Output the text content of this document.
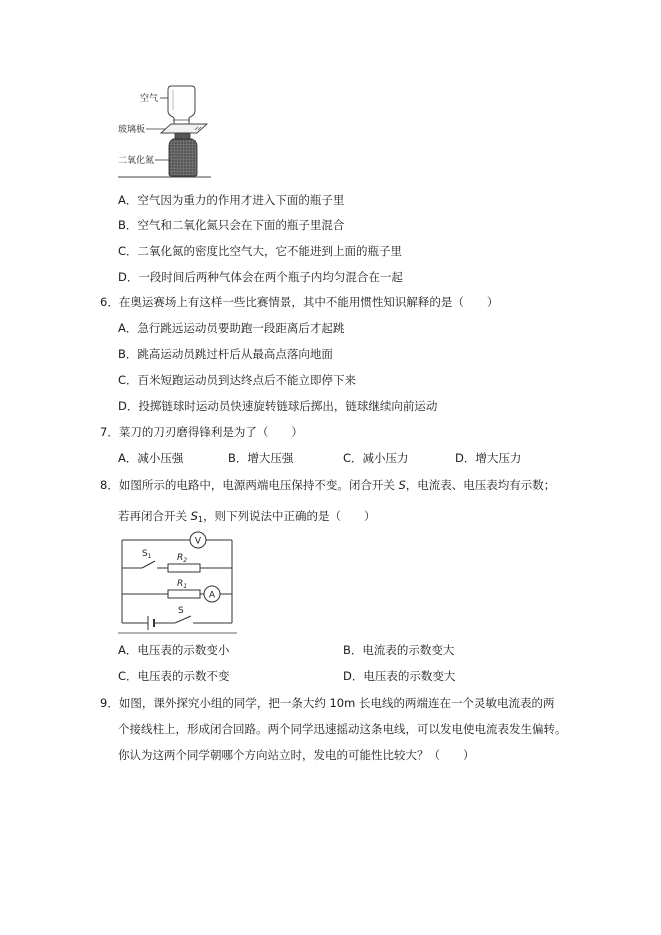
空气
玻璃板
二氧化氮
A．空气因为重力的作用才进入下面的瓶子里
B．空气和二氧化氮只会在下面的瓶子里混合
C．二氧化氮的密度比空气大，它不能进到上面的瓶子里
D．一段时间后两种气体会在两个瓶子内均匀混合在一起
6．在奥运赛场上有这样一些比赛情景，其中不能用惯性知识解释的是（　　）
A．急行跳远运动员要助跑一段距离后才起跳
B．跳高运动员跳过杆后从最高点落向地面
C．百米短跑运动员到达终点后不能立即停下来
D．投掷链球时运动员快速旋转链球后掷出，链球继续向前运动
7．菜刀的刀刃磨得锋利是为了（　　）
A．减小压强	B．增大压强	C．减小压力	D．增大压力
8．如图所示的电路中，电源两端电压保持不变。闭合开关 S，电流表、电压表均有示数；
若再闭合开关 $S_1$，则下列说法中正确的是（　　）
V
A
$S_1$	$R_2$
$R_1$
S
A．电压表的示数变小	B．电流表的示数变大
C．电压表的示数不变	D．电压表的示数变大
9．如图，课外探究小组的同学，把一条大约 10m 长电线的两端连在一个灵敏电流表的两
个接线柱上，形成闭合回路。两个同学迅速摇动这条电线，可以发电使电流表发生偏转。
你认为这两个同学朝哪个方向站立时，发电的可能性比较大？（　　）
